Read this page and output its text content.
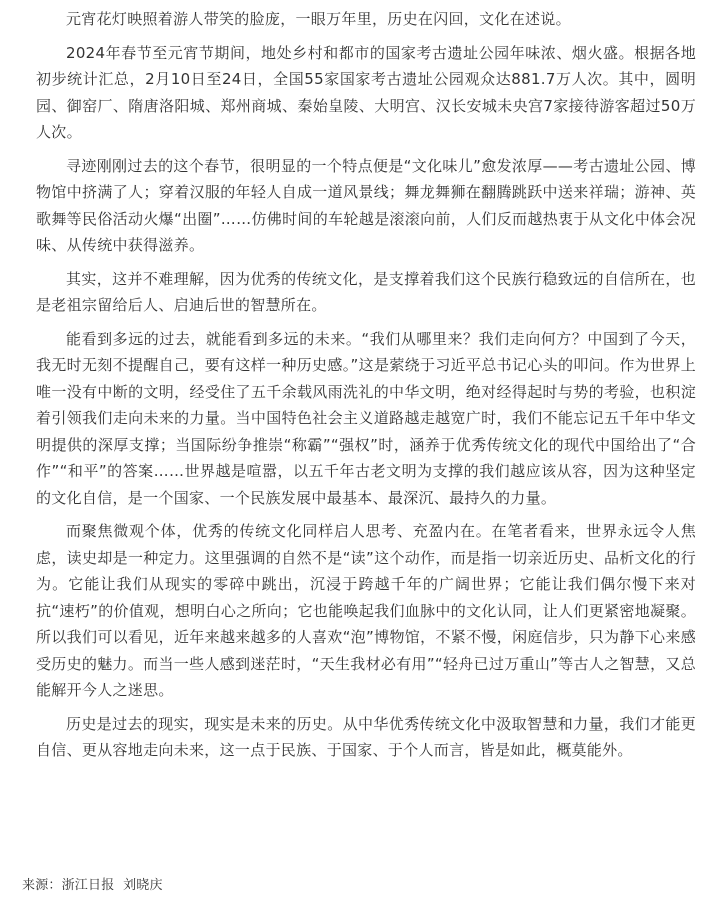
元宵花灯映照着游人带笑的脸庞，一眼万年里，历史在闪回，文化在述说。

2024年春节至元宵节期间，地处乡村和都市的国家考古遗址公园年味浓、烟火盛。根据各地初步统计汇总，2月10日至24日，全国55家国家考古遗址公园观众达881.7万人次。其中，圆明园、御窑厂、隋唐洛阳城、郑州商城、秦始皇陵、大明宫、汉长安城未央宫7家接待游客超过50万人次。

寻迹刚刚过去的这个春节，很明显的一个特点便是“文化味儿”愈发浓厚——考古遗址公园、博物馆中挤满了人；穿着汉服的年轻人自成一道风景线；舞龙舞狮在翻腾跳跃中送来祥瑞；游神、英歌舞等民俗活动火爆“出圈”……仿佛时间的车轮越是滚滚向前，人们反而越热衷于从文化中体会况味、从传统中获得滋养。

其实，这并不难理解，因为优秀的传统文化，是支撑着我们这个民族行稳致远的自信所在，也是老祖宗留给后人、启迪后世的智慧所在。

能看到多远的过去，就能看到多远的未来。“我们从哪里来？我们走向何方？中国到了今天，我无时无刻不提醒自己，要有这样一种历史感。”这是萦绕于习近平总书记心头的叩问。作为世界上唯一没有中断的文明，经受住了五千余载风雨洗礼的中华文明，绝对经得起时与势的考验，也积淀着引领我们走向未来的力量。当中国特色社会主义道路越走越宽广时，我们不能忘记五千年中华文明提供的深厚支撑；当国际纷争推崇“称霸”“强权”时，涵养于优秀传统文化的现代中国给出了“合作”“和平”的答案……世界越是喧嚣，以五千年古老文明为支撑的我们越应该从容，因为这种坚定的文化自信，是一个国家、一个民族发展中最基本、最深沉、最持久的力量。

而聚焦微观个体，优秀的传统文化同样启人思考、充盈内在。在笔者看来，世界永远令人焦虑，读史却是一种定力。这里强调的自然不是“读”这个动作，而是指一切亲近历史、品析文化的行为。它能让我们从现实的零碎中跳出，沉浸于跨越千年的广阔世界；它能让我们偶尔慢下来对抗“速朽”的价值观，想明白心之所向；它也能唤起我们血脉中的文化认同，让人们更紧密地凝聚。所以我们可以看见，近年来越来越多的人喜欢“泡”博物馆，不紧不慢，闲庭信步，只为静下心来感受历史的魅力。而当一些人感到迷茫时，“天生我材必有用”“轻舟已过万重山”等古人之智慧，又总能解开今人之迷思。

历史是过去的现实，现实是未来的历史。从中华优秀传统文化中汲取智慧和力量，我们才能更自信、更从容地走向未来，这一点于民族、于国家、于个人而言，皆是如此，概莫能外。

来源：浙江日报 刘晓庆
